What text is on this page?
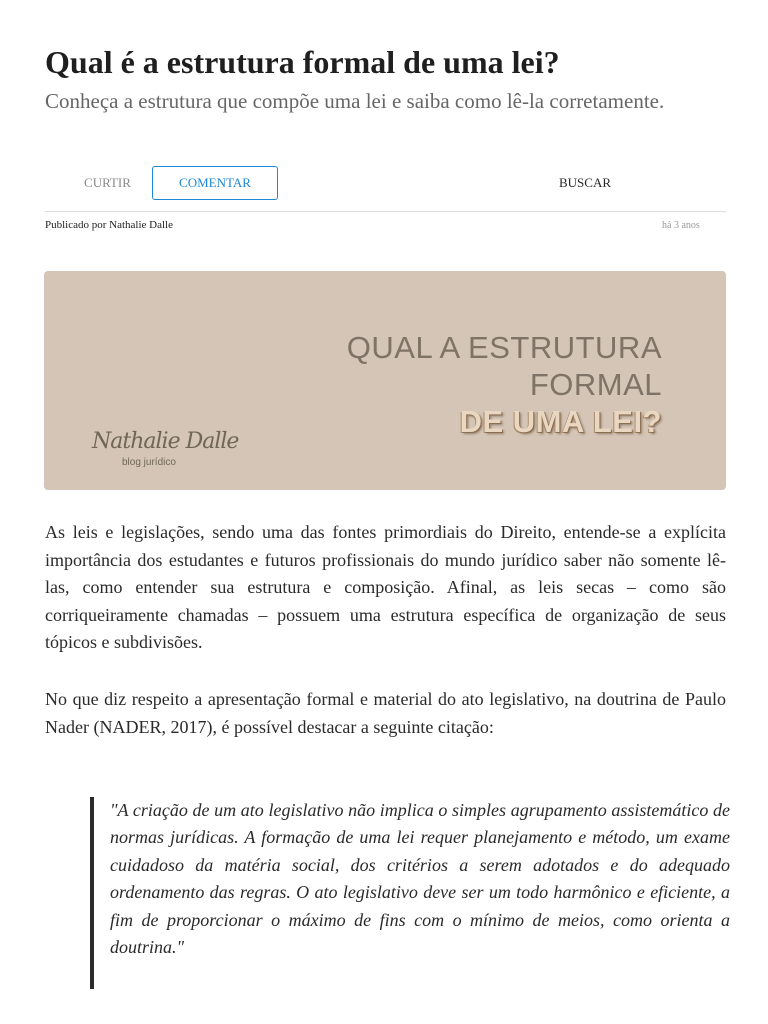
Qual é a estrutura formal de uma lei?

Conheça a estrutura que compõe uma lei e saiba como lê-la corretamente.

CURTIR	COMENTAR	BUSCAR
Publicado por Nathalie Dalle	há 3 anos
QUAL A ESTRUTURA
FORMAL
DE UMA LEI?
Nathalie Dalle
blog jurídico

As leis e legislações, sendo uma das fontes primordiais do Direito, entende-se a explícita importância dos estudantes e futuros profissionais do mundo jurídico saber não somente lê-las, como entender sua estrutura e composição. Afinal, as leis secas – como são corriqueiramente chamadas – possuem uma estrutura específica de organização de seus tópicos e subdivisões.

No que diz respeito a apresentação formal e material do ato legislativo, na doutrina de Paulo Nader (NADER, 2017), é possível destacar a seguinte citação:

"A criação de um ato legislativo não implica o simples agrupamento assistemático de normas jurídicas. A formação de uma lei requer planejamento e método, um exame cuidadoso da matéria social, dos critérios a serem adotados e do adequado ordenamento das regras. O ato legislativo deve ser um todo harmônico e eficiente, a fim de proporcionar o máximo de fins com o mínimo de meios, como orienta a doutrina."
